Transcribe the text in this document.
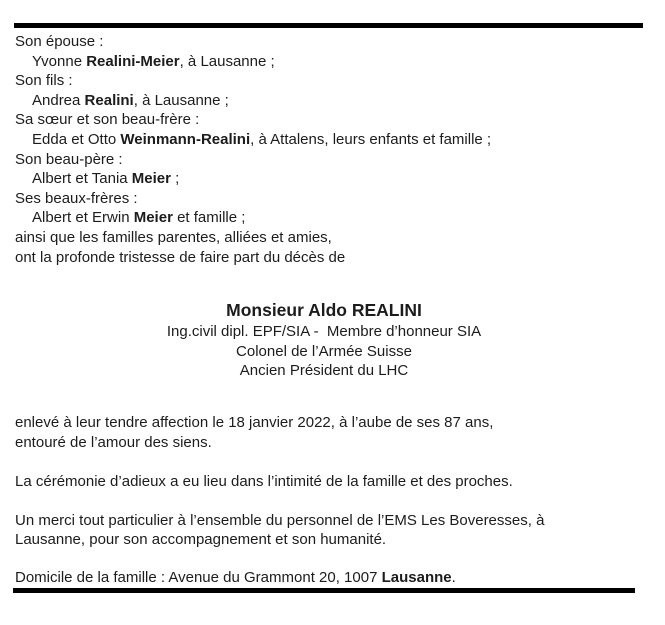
Son épouse :
Yvonne Realini-Meier, à Lausanne ;
Son fils :
Andrea Realini, à Lausanne ;
Sa sœur et son beau-frère :
Edda et Otto Weinmann-Realini, à Attalens, leurs enfants et famille ;
Son beau-père :
Albert et Tania Meier ;
Ses beaux-frères :
Albert et Erwin Meier et famille ;
ainsi que les familles parentes, alliées et amies,
ont la profonde tristesse de faire part du décès de
Monsieur Aldo REALINI
Ing.civil dipl. EPF/SIA -  Membre d’honneur SIA
Colonel de l’Armée Suisse
Ancien Président du LHC
enlevé à leur tendre affection le 18 janvier 2022, à l’aube de ses 87 ans,
entouré de l’amour des siens.
La cérémonie d’adieux a eu lieu dans l’intimité de la famille et des proches.
Un merci tout particulier à l’ensemble du personnel de l’EMS Les Boveresses, à
Lausanne, pour son accompagnement et son humanité.
Domicile de la famille : Avenue du Grammont 20, 1007 Lausanne.
